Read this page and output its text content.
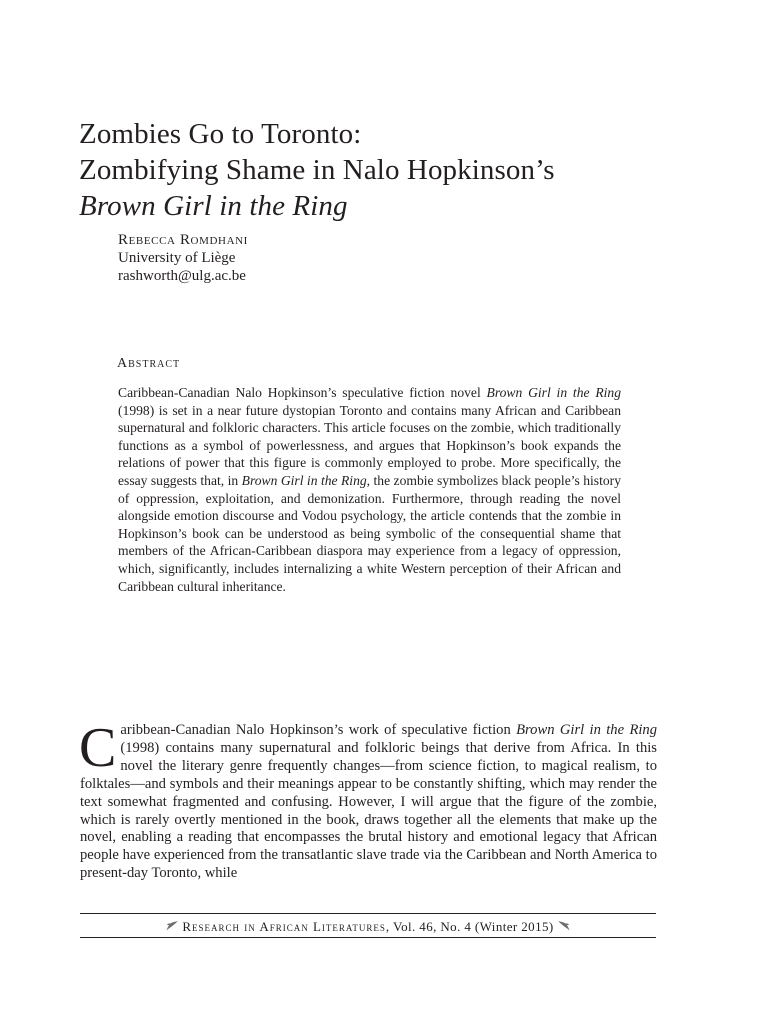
Zombies Go to Toronto:
Zombifying Shame in Nalo Hopkinson’s
Brown Girl in the Ring
Rebecca Romdhani
University of Liège
rashworth@ulg.ac.be
Abstract

Caribbean-Canadian Nalo Hopkinson’s speculative fiction novel Brown Girl in the Ring (1998) is set in a near future dystopian Toronto and contains many African and Caribbean supernatural and folkloric characters. This article focuses on the zombie, which traditionally functions as a symbol of powerlessness, and argues that Hopkinson’s book expands the relations of power that this figure is commonly employed to probe. More specifically, the essay suggests that, in Brown Girl in the Ring, the zombie symbolizes black people’s history of oppression, exploitation, and demonization. Furthermore, through reading the novel alongside emotion discourse and Vodou psychology, the article contends that the zombie in Hopkinson’s book can be understood as being symbolic of the consequential shame that members of the African-Caribbean diaspora may experience from a legacy of oppression, which, significantly, includes internalizing a white Western perception of their African and Caribbean cultural inheritance.

Caribbean-Canadian Nalo Hopkinson’s work of speculative fiction Brown Girl in the Ring (1998) contains many supernatural and folkloric beings that derive from Africa. In this novel the literary genre frequently changes—from science fiction, to magical realism, to folktales—and symbols and their meanings appear to be constantly shifting, which may render the text somewhat fragmented and confusing. However, I will argue that the figure of the zombie, which is rarely overtly mentioned in the book, draws together all the elements that make up the novel, enabling a reading that encompasses the brutal history and emotional legacy that African people have experienced from the transatlantic slave trade via the Caribbean and North America to present-day Toronto, while

Research in African Literatures, Vol. 46, No. 4 (Winter 2015)
